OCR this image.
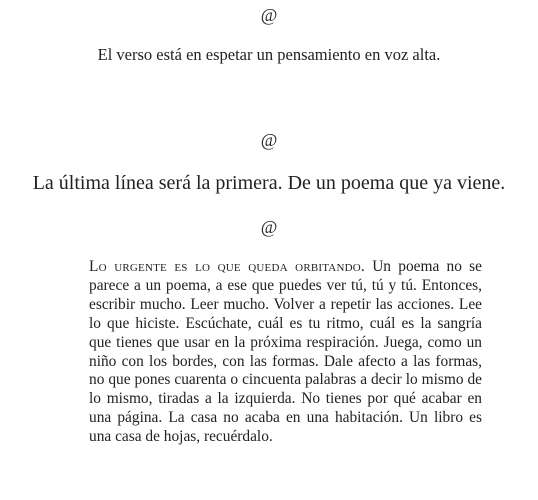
@
El verso está en espetar un pensamiento en voz alta.
@
La última línea será la primera. De un poema que ya viene.
@

Lo urgente es lo que queda orbitando. Un poema no se parece a un poema, a ese que puedes ver tú, tú y tú. Entonces, escribir mucho. Leer mucho. Volver a repetir las acciones. Lee lo que hiciste. Escúchate, cuál es tu ritmo, cuál es la sangría que tienes que usar en la próxima respiración. Juega, como un niño con los bordes, con las formas. Dale afecto a las formas, no que pones cuarenta o cincuenta palabras a decir lo mismo de lo mismo, tiradas a la izquierda. No tienes por qué acabar en una página. La casa no acaba en una habitación. Un libro es una casa de hojas, recuérdalo.
